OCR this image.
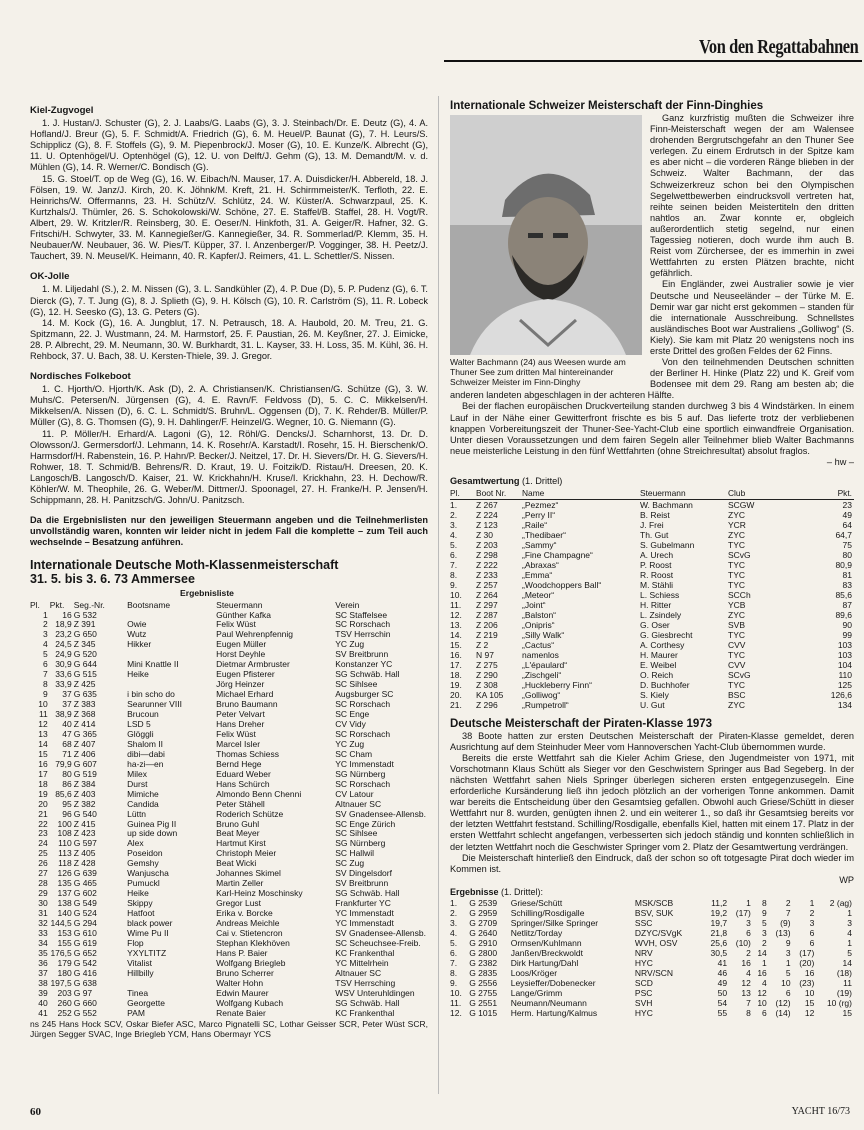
Von den Regattabahnen
Kiel-Zugvogel

1. J. Hustan/J. Schuster (G), 2. J. Laabs/G. Laabs (G), 3. J. Steinbach/Dr. E. Deutz (G), 4. A. Hofland/J. Breur (G), 5. F. Schmidt/A. Friedrich (G), 6. M. Heuel/P. Baunat (G), 7. H. Leurs/S. Schipplicz (G), 8. F. Stoffels (G), 9. M. Piepenbrock/J. Moser (G), 10. E. Kunze/K. Albrecht (G), 11. U. Optenhögel/U. Optenhögel (G), 12. U. von Delft/J. Gehm (G), 13. M. Demandt/M. v. d. Mühlen (G), 14. R. Werner/C. Bondisch (G).

15. G. Stoel/T. op de Weg (G), 16. W. Eibach/N. Mauser, 17. A. Duisdicker/H. Abbereld, 18. J. Fölsen, 19. W. Janz/J. Kirch, 20. K. Jöhnk/M. Kreft, 21. H. Schirmmeister/K. Terfloth, 22. E. Heinrichs/W. Offermanns, 23. H. Schütz/V. Schlütz, 24. W. Küster/A. Schwarzpaul, 25. K. Kurtzhals/J. Thümler, 26. S. Schokolowski/W. Schöne, 27. E. Staffel/B. Staffel, 28. H. Vogt/R. Albert, 29. W. Kritzler/R. Reinsberg, 30. E. Oeser/N. Hinkfoth, 31. A. Geiger/R. Hafner, 32. G. Fritschi/H. Schwyter, 33. M. Kannegießer/G. Kannegießer, 34. R. Sommerlad/P. Klemm, 35. H. Neubauer/W. Neubauer, 36. W. Pies/T. Küpper, 37. I. Anzenberger/P. Vogginger, 38. H. Peetz/J. Tauchert, 39. N. Meusel/K. Heimann, 40. R. Kapfer/J. Reimers, 41. L. Schettler/S. Nissen.

OK-Jolle

1. M. Liljedahl (S.), 2. M. Nissen (G), 3. L. Sandkühler (Z), 4. P. Due (D), 5. P. Pudenz (G), 6. T. Dierck (G), 7. T. Jung (G), 8. J. Splieth (G), 9. H. Kölsch (G), 10. R. Carlström (S), 11. R. Lobeck (G), 12. H. Seesko (G), 13. G. Peters (G).

14. M. Kock (G), 16. A. Jungblut, 17. N. Petrausch, 18. A. Haubold, 20. M. Treu, 21. G. Spitzmann, 22. J. Wustmann, 24. M. Harmstorf, 25. F. Paustian, 26. M. Keyßner, 27. J. Eimicke, 28. P. Albrecht, 29. M. Neumann, 30. W. Burkhardt, 31. L. Kayser, 33. H. Loss, 35. M. Kühl, 36. H. Rehbock, 37. U. Bach, 38. U. Kersten-Thiele, 39. J. Gregor.

Nordisches Folkeboot

1. C. Hjorth/O. Hjorth/K. Ask (D), 2. A. Christiansen/K. Christiansen/G. Schütze (G), 3. W. Muhs/C. Petersen/N. Jürgensen (G), 4. E. Ravn/F. Feldvoss (D), 5. C. C. Mikkelsen/H. Mikkelsen/A. Nissen (D), 6. C. L. Schmidt/S. Bruhn/L. Oggensen (D), 7. K. Rehder/B. Müller/P. Müller (G), 8. G. Thomsen (G), 9. H. Dahlinger/F. Heinzel/G. Wegner, 10. G. Niemann (G).

11. P. Möller/H. Erhard/A. Lagoni (G), 12. Röhl/G. Dencks/J. Scharnhorst, 13. Dr. D. Olowsson/J. Germersdorf/J. Lehmann, 14. K. Rosehr/A. Karstadt/I. Rosehr, 15. H. Bierschenk/O. Harmsdorf/H. Rabenstein, 16. P. Hahn/P. Becker/J. Neitzel, 17. Dr. H. Sievers/Dr. H. G. Sievers/H. Rohwer, 18. T. Schmid/B. Behrens/R. D. Kraut, 19. U. Foitzik/D. Ristau/H. Dreesen, 20. K. Langosch/B. Langosch/D. Kaiser, 21. W. Krickhahn/H. Kruse/I. Krickhahn, 23. H. Dechow/R. Köhler/W. M. Theophile, 26. G. Weber/M. Dittmer/J. Spoonagel, 27. H. Franke/H. P. Jensen/H. Schippmann, 28. H. Panitzsch/G. John/U. Panitzsch.

Da die Ergebnislisten nur den jeweiligen Steuermann angeben und die Teilnehmerlisten unvollständig waren, konnten wir leider nicht in jedem Fall die komplette – zum Teil auch wechselnde – Besatzung anführen.
Internationale Deutsche Moth-Klassenmeisterschaft
31. 5. bis 3. 6. 73 Ammersee
Ergebnisliste
Pl.	Pkt.	Seg.-Nr.	Bootsname	Steuermann	Verein
1	16	G 532		Günther Kafka	SC Staffelsee
2	18,9	Z 391	Owie	Felix Wüst	SC Rorschach
3	23,2	G 650	Wutz	Paul Wehrenpfennig	TSV Herrschin
4	24,5	Z 345	Hikker	Eugen Müller	YC Zug
5	24,9	G 520		Horst Deyhle	SV Breitbrunn
6	30,9	G 644	Mini Knattle II	Dietmar Armbruster	Konstanzer YC
7	33,6	G 515	Heike	Eugen Pfisterer	SG Schwäb. Hall
8	33,9	Z 425		Jörg Heinzer	SC Sihlsee
9	37	G 635	i bin scho do	Michael Erhard	Augsburger SC
10	37	Z 383	Searunner VIII	Bruno Baumann	SC Rorschach
11	38,9	Z 368	Brucoun	Peter Velvart	SC Enge
12	40	Z 414	LSD 5	Hans Dreher	CV Vidy
13	47	G 365	Glöggli	Felix Wüst	SC Rorschach
14	68	Z 407	Shalom II	Marcel Isler	YC Zug
15	71	Z 406	dibi—dabi	Thomas Schiess	SC Cham
16	79,9	G 607	ha-zi—en	Bernd Hege	YC Immenstadt
17	80	G 519	Milex	Eduard Weber	SG Nürnberg
18	86	Z 384	Durst	Hans Schürch	SC Rorschach
19	85,6	Z 403	Mimiche	Almondo Benn Chenni	CV Latour
20	95	Z 382	Candida	Peter Stähell	Altnauer SC
21	96	G 540	Lüttn	Roderich Schütze	SV Gnadensee-Allensb.
22	100	Z 415	Guinea Pig II	Bruno Guhl	SC Enge Zürich
23	108	Z 423	up side down	Beat Meyer	SC Sihlsee
24	110	G 597	Alex	Hartmut Kirst	SG Nürnberg
25	113	Z 405	Poseidon	Christoph Meier	SC Hallwil
26	118	Z 428	Gemshy	Beat Wicki	SC Zug
27	126	G 639	Wanjuscha	Johannes Skimel	SV Dingelsdorf
28	135	G 465	Pumuckl	Martin Zeller	SV Breitbrunn
29	137	G 602	Heike	Karl-Heinz Moschinsky	SG Schwäb. Hall
30	138	G 549	Skippy	Gregor Lust	Frankfurter YC
31	140	G 524	Hatfoot	Erika v. Borcke	YC Immenstadt
32	144,5	G 294	black power	Andreas Meichle	YC Immenstadt
33	153	G 610	Wime Pu II	Cai v. Stietencron	SV Gnadensee-Allensb.
34	155	G 619	Flop	Stephan Klekhöven	SC Scheuchsee-Freib.
35	176,5	G 652	YXYLTITZ	Hans P. Baier	KC Frankenthal
36	179	G 542	Vitalist	Wolfgang Briegleb	YC Mittelrhein
37	180	G 416	Hillbilly	Bruno Scherrer	Altnauer SC
38	197,5	G 638		Walter Hohn	TSV Herrsching
39	203	G 97	Tinea	Edwin Maurer	WSV Unteruhldingen
40	260	G 660	Georgette	Wolfgang Kubach	SG Schwäb. Hall
41	252	G 552	PAM	Renate Baier	KC Frankenthal
ns 245 Hans Hock SCV, Oskar Biefer ASC, Marco Pignatelli SC, Lothar Geisser SCR, Peter Wüst SCR, Jürgen Segger SVAC, Inge Briegleb YCM, Hans Obermayr YCS
Internationale Schweizer Meisterschaft der Finn-Dinghies
Walter Bachmann (24) aus Weesen wurde am Thuner See zum dritten Mal hintereinander Schweizer Meister im Finn-Dinghy

Ganz kurzfristig mußten die Schweizer ihre Finn-Meisterschaft wegen der am Walensee drohenden Bergrutschgefahr an den Thuner See verlegen. Zu einem Erdrutsch in der Spitze kam es aber nicht – die vorderen Ränge blieben in der Schweiz. Walter Bachmann, der das Schweizerkreuz schon bei den Olympischen Segelwettbewerben eindrucksvoll vertreten hat, reihte seinen beiden Meistertiteln den dritten nahtlos an. Zwar konnte er, obgleich außerordentlich stetig segelnd, nur einen Tagessieg notieren, doch wurde ihm auch B. Reist vom Zürchersee, der es immerhin in zwei Wettfahrten zu ersten Plätzen brachte, nicht gefährlich.

Ein Engländer, zwei Australier sowie je vier Deutsche und Neuseeländer – der Türke M. E. Demir war gar nicht erst gekommen – standen für die internationale Ausschreibung. Schnellstes ausländisches Boot war Australiens „Golliwog“ (S. Kiely). Sie kam mit Platz 20 wenigstens noch ins erste Drittel des großen Feldes der 62 Finns.

Von den teilnehmenden Deutschen schnitten der Berliner H. Hinke (Platz 22) und K. Greif vom Bodensee mit dem 29. Rang am besten ab; die anderen landeten abgeschlagen in der achteren Hälfte.

Bei der flachen europäischen Druckverteilung standen durchweg 3 bis 4 Windstärken. In einem Lauf in der Nähe einer Gewitterfront frischte es bis 5 auf. Das lieferte trotz der verbliebenen knappen Vorbereitungszeit der Thuner-See-Yacht-Club eine sportlich einwandfreie Organisation. Unter diesen Voraussetzungen und dem fairen Segeln aller Teilnehmer blieb Walter Bachmanns neue meisterliche Leistung in den fünf Wettfahrten (ohne Streichresultat) absolut fraglos.

– hw –
Gesamtwertung (1. Drittel)
Pl.	Boot Nr.	Name	Steuermann	Club	Pkt.
1.	Z 267	„Pezmez“	W. Bachmann	SCGW	23
2.	Z 224	„Perry II“	B. Reist	ZYC	49
3.	Z 123	„Raile“	J. Frei	YCR	64
4.	Z 30	„Thedibaer“	Th. Gut	ZYC	64,7
5.	Z 203	„Sammy“	S. Gubelmann	TYC	75
6.	Z 298	„Fine Champagne“	A. Urech	SCvG	80
7.	Z 222	„Abraxas“	P. Roost	TYC	80,9
8.	Z 233	„Emma“	R. Roost	TYC	81
9.	Z 257	„Woodchoppers Ball“	M. Stähli	TYC	83
10.	Z 264	„Meteor“	L. Schiess	SCCh	85,6
11.	Z 297	„Joint“	H. Ritter	YCB	87
12.	Z 287	„Balston“	L. Zsindely	ZYC	89,6
13.	Z 206	„Onipris“	G. Oser	SVB	90
14.	Z 219	„Silly Walk“	G. Giesbrecht	TYC	99
15.	Z 2	„Cactus“	A. Corthesy	CVV	103
16.	N 97	namenlos	H. Maurer	TYC	103
17.	Z 275	„L'épaulard“	E. Weibel	CVV	104
18.	Z 290	„Zischgeli“	O. Reich	SCvG	110
19.	Z 308	„Huckleberry Finn“	D. Buchhofer	TYC	125
20.	KA 105	„Golliwog“	S. Kiely	BSC	126,6
21.	Z 296	„Rumpetroll“	U. Gut	ZYC	134
Deutsche Meisterschaft der Piraten-Klasse 1973

38 Boote hatten zur ersten Deutschen Meisterschaft der Piraten-Klasse gemeldet, deren Ausrichtung auf dem Steinhuder Meer vom Hannoverschen Yacht-Club übernommen wurde.

Bereits die erste Wettfahrt sah die Kieler Achim Griese, den Jugendmeister von 1971, mit Vorschotmann Klaus Schütt als Sieger vor den Geschwistern Springer aus Bad Segeberg. In der nächsten Wettfahrt sahen Niels Springer überlegen sicheren ersten entgegenzusegeln. Eine erforderliche Kursänderung ließ ihn jedoch plötzlich an der vorherigen Tonne ankommen. Damit war bereits die Entscheidung über den Gesamtsieg gefallen. Obwohl auch Griese/Schütt in dieser Wettfahrt nur 8. wurden, genügten ihnen 2. und ein weiterer 1., so daß ihr Gesamtsieg bereits vor der letzten Wettfahrt feststand. Schilling/Rosdigalle, ebenfalls Kiel, hatten mit einem 17. Platz in der ersten Wettfahrt schlecht angefangen, verbesserten sich jedoch ständig und konnten schließlich in der letzten Wettfahrt noch die Geschwister Springer vom 2. Platz der Gesamtwertung verdrängen.

Die Meisterschaft hinterließ den Eindruck, daß der schon so oft totgesagte Pirat doch wieder im Kommen ist.

WP
Ergebnisse (1. Drittel):
1.	G 2539	Griese/Schütt	MSK/SCB	11,2	1	8	2	1	2 (ag)
2.	G 2959	Schilling/Rosdigalle	BSV, SUK	19,2	(17)	9	7	2	1
3.	G 2709	Springer/Silke Springer	SSC	19,7	3	5	(9)	3	3
4.	G 2640	Netlitz/Torday	DZYC/SVgK	21,8	6	3	(13)	6	4
5.	G 2910	Ormsen/Kuhlmann	WVH, OSV	25,6	(10)	2	9	6	1
6.	G 2800	Janßen/Breckwoldt	NRV	30,5	2	14	3	(17)	5
7.	G 2382	Dirk Hartung/Dahl	HYC	41	16	1	1	(20)	14
8.	G 2835	Loos/Kröger	NRV/SCN	46	4	16	5	16	(18)
9.	G 2556	Leysieffer/Dobenecker	SCD	49	12	4	10	(23)	11
10.	G 2755	Lange/Grimm	PSC	50	13	12	6	10	(19)
11.	G 2551	Neumann/Neumann	SVH	54	7	10	(12)	15	10 (rg)
12.	G 1015	Herm. Hartung/Kalmus	HYC	55	8	6	(14)	12	15
60	YACHT 16/73
